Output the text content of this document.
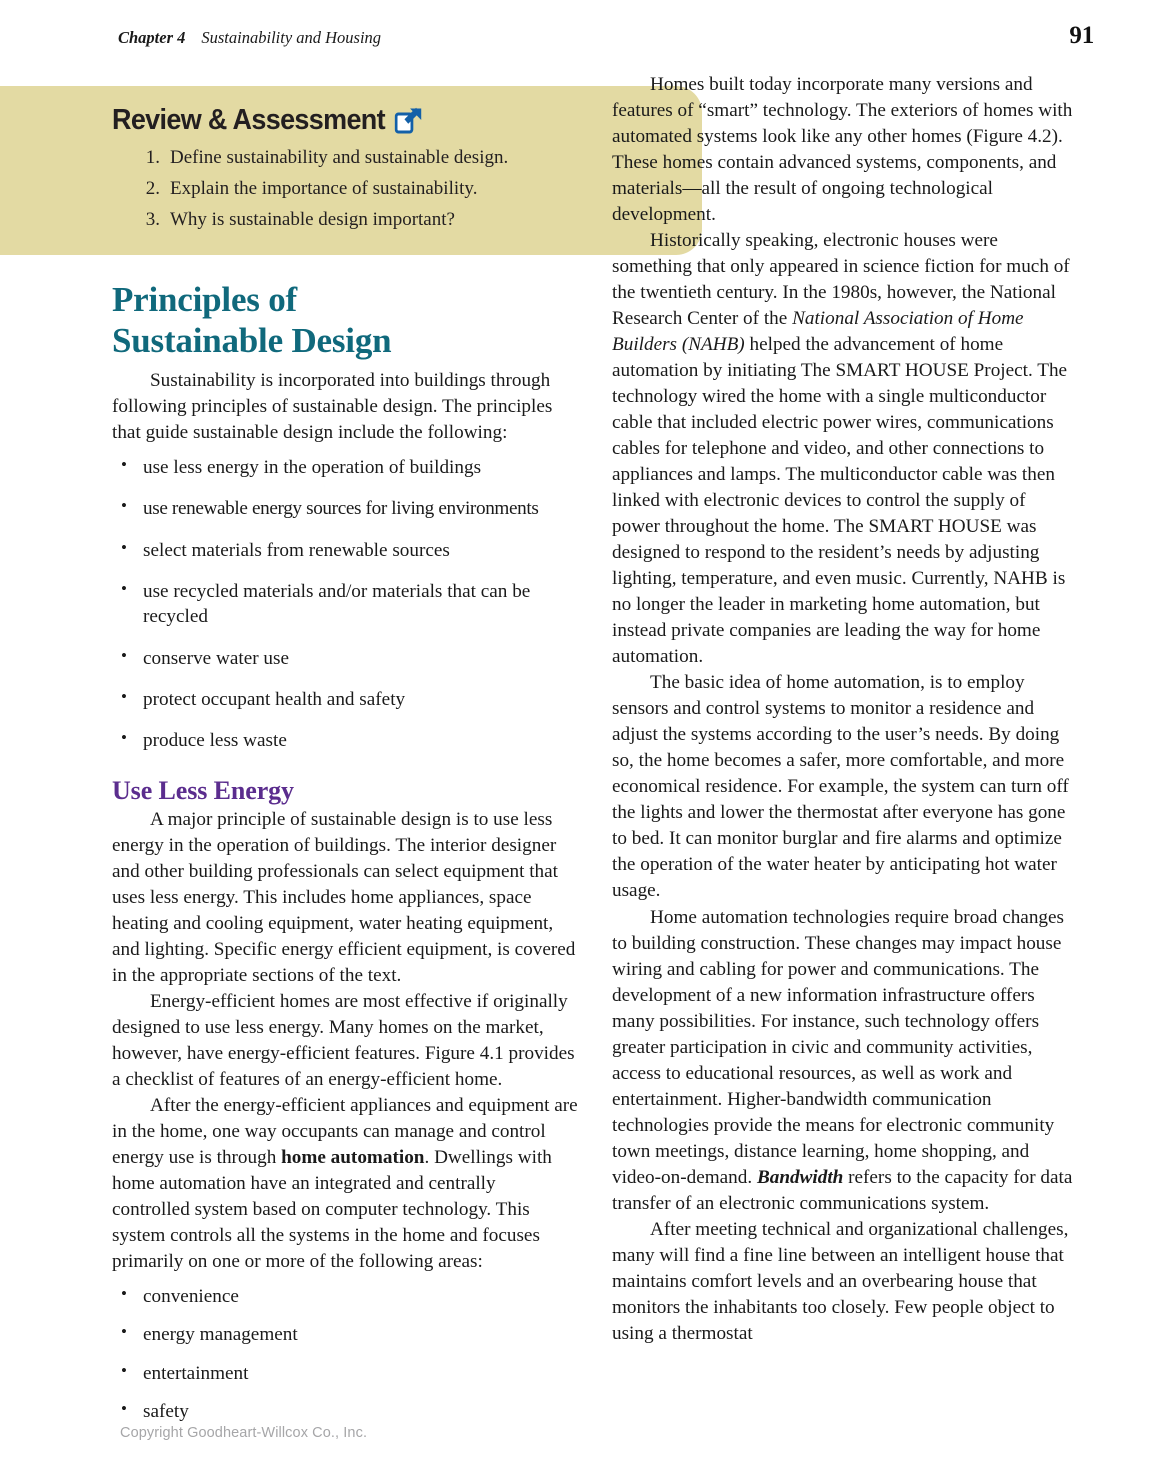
Chapter 4 Sustainability and Housing	91
Review & Assessment
Define sustainability and sustainable design.
Explain the importance of sustainability.
Why is sustainable design important?
Principles of
Sustainable Design

Sustainability is incorporated into buildings through following principles of sustainable design. The principles that guide sustainable design include the following:

• use less energy in the operation of buildings
• use renewable energy sources for living environments
• select materials from renewable sources
• use recycled materials and/or materials that can be recycled
• conserve water use
• protect occupant health and safety
• produce less waste
Use Less Energy

A major principle of sustainable design is to use less energy in the operation of buildings. The interior designer and other building professionals can select equipment that uses less energy. This includes home appliances, space heating and cooling equipment, water heating equipment, and lighting. Specific energy efficient equipment, is covered in the appropriate sections of the text.

Energy-efficient homes are most effective if originally designed to use less energy. Many homes on the market, however, have energy-efficient features. Figure 4.1 provides a checklist of features of an energy-efficient home.

After the energy-efficient appliances and equipment are in the home, one way occupants can manage and control energy use is through home automation. Dwellings with home automation have an integrated and centrally controlled system based on computer technology. This system controls all the systems in the home and focuses primarily on one or more of the following areas:

• convenience
• energy management
• entertainment
• safety

Homes built today incorporate many versions and features of “smart” technology. The exteriors of homes with automated systems look like any other homes (Figure 4.2). These homes contain advanced systems, components, and materials—all the result of ongoing technological development.

Historically speaking, electronic houses were something that only appeared in science fiction for much of the twentieth century. In the 1980s, however, the National Research Center of the National Association of Home Builders (NAHB) helped the advancement of home automation by initiating The SMART HOUSE Project. The technology wired the home with a single multiconductor cable that included electric power wires, communications cables for telephone and video, and other connections to appliances and lamps. The multiconductor cable was then linked with electronic devices to control the supply of power throughout the home. The SMART HOUSE was designed to respond to the resident’s needs by adjusting lighting, temperature, and even music. Currently, NAHB is no longer the leader in marketing home automation, but instead private companies are leading the way for home automation.

The basic idea of home automation, is to employ sensors and control systems to monitor a residence and adjust the systems according to the user’s needs. By doing so, the home becomes a safer, more comfortable, and more economical residence. For example, the system can turn off the lights and lower the thermostat after everyone has gone to bed. It can monitor burglar and fire alarms and optimize the operation of the water heater by anticipating hot water usage.

Home automation technologies require broad changes to building construction. These changes may impact house wiring and cabling for power and communications. The development of a new information infrastructure offers many possibilities. For instance, such technology offers greater participation in civic and community activities, access to educational resources, as well as work and entertainment. Higher-bandwidth communication technologies provide the means for electronic community town meetings, distance learning, home shopping, and video-on-demand. Bandwidth refers to the capacity for data transfer of an electronic communications system.

After meeting technical and organizational challenges, many will find a fine line between an intelligent house that maintains comfort levels and an overbearing house that monitors the inhabitants too closely. Few people object to using a thermostat

Copyright Goodheart-Willcox Co., Inc.
